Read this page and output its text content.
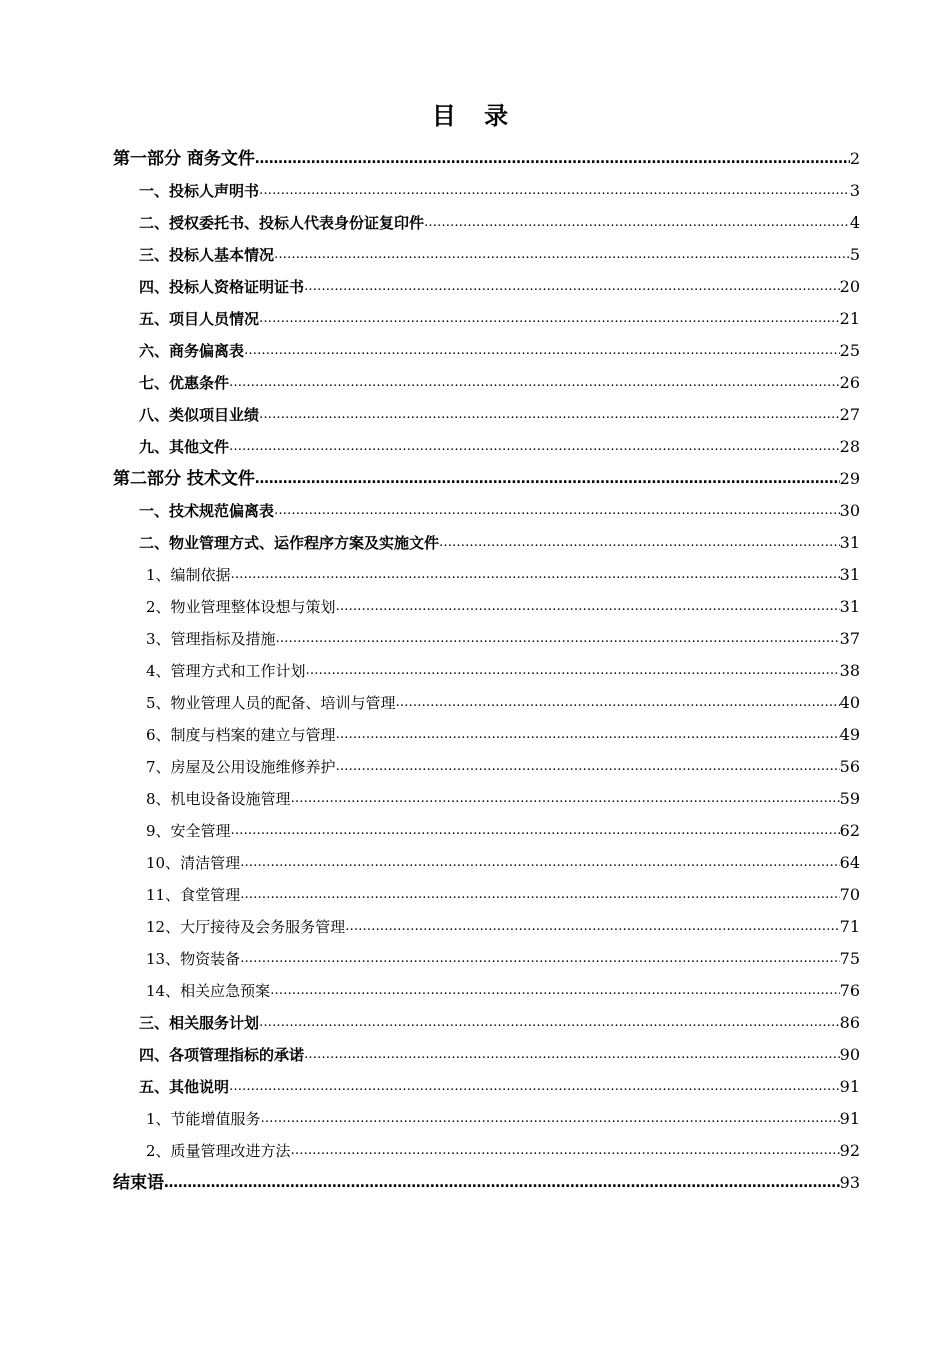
目 录
第一部分 商务文件 ……………………………………………………………………………………………………………………………………………………………………………………………………	2
一、投标人声明书 ……………………………………………………………………………………………………………………………………………………………………………………………………	3
二、授权委托书、投标人代表身份证复印件 ……………………………………………………………………………………………………………………………………………………………………………………………………	4
三、投标人基本情况 ……………………………………………………………………………………………………………………………………………………………………………………………………	5
四、投标人资格证明证书 ……………………………………………………………………………………………………………………………………………………………………………………………………	20
五、项目人员情况 ……………………………………………………………………………………………………………………………………………………………………………………………………	21
六、商务偏离表 ……………………………………………………………………………………………………………………………………………………………………………………………………	25
七、优惠条件 ……………………………………………………………………………………………………………………………………………………………………………………………………	26
八、类似项目业绩 ……………………………………………………………………………………………………………………………………………………………………………………………………	27
九、其他文件 ……………………………………………………………………………………………………………………………………………………………………………………………………	28
第二部分 技术文件 ……………………………………………………………………………………………………………………………………………………………………………………………………	29
一、技术规范偏离表 ……………………………………………………………………………………………………………………………………………………………………………………………………	30
二、物业管理方式、运作程序方案及实施文件 ……………………………………………………………………………………………………………………………………………………………………………………………………	31
1、编制依据 ……………………………………………………………………………………………………………………………………………………………………………………………………	31
2、物业管理整体设想与策划 ……………………………………………………………………………………………………………………………………………………………………………………………………	31
3、管理指标及措施 ……………………………………………………………………………………………………………………………………………………………………………………………………	37
4、管理方式和工作计划 ……………………………………………………………………………………………………………………………………………………………………………………………………	38
5、物业管理人员的配备、培训与管理 ……………………………………………………………………………………………………………………………………………………………………………………………………	40
6、制度与档案的建立与管理 ……………………………………………………………………………………………………………………………………………………………………………………………………	49
7、房屋及公用设施维修养护 ……………………………………………………………………………………………………………………………………………………………………………………………………	56
8、机电设备设施管理 ……………………………………………………………………………………………………………………………………………………………………………………………………	59
9、安全管理 ……………………………………………………………………………………………………………………………………………………………………………………………………	62
10、清洁管理 ……………………………………………………………………………………………………………………………………………………………………………………………………	64
11、食堂管理 ……………………………………………………………………………………………………………………………………………………………………………………………………	70
12、大厅接待及会务服务管理 ……………………………………………………………………………………………………………………………………………………………………………………………………	71
13、物资装备 ……………………………………………………………………………………………………………………………………………………………………………………………………	75
14、相关应急预案 ……………………………………………………………………………………………………………………………………………………………………………………………………	76
三、相关服务计划 ……………………………………………………………………………………………………………………………………………………………………………………………………	86
四、各项管理指标的承诺 ……………………………………………………………………………………………………………………………………………………………………………………………………	90
五、其他说明 ……………………………………………………………………………………………………………………………………………………………………………………………………	91
1、节能增值服务 ……………………………………………………………………………………………………………………………………………………………………………………………………	91
2、质量管理改进方法 ……………………………………………………………………………………………………………………………………………………………………………………………………	92
结束语 ……………………………………………………………………………………………………………………………………………………………………………………………………	93
